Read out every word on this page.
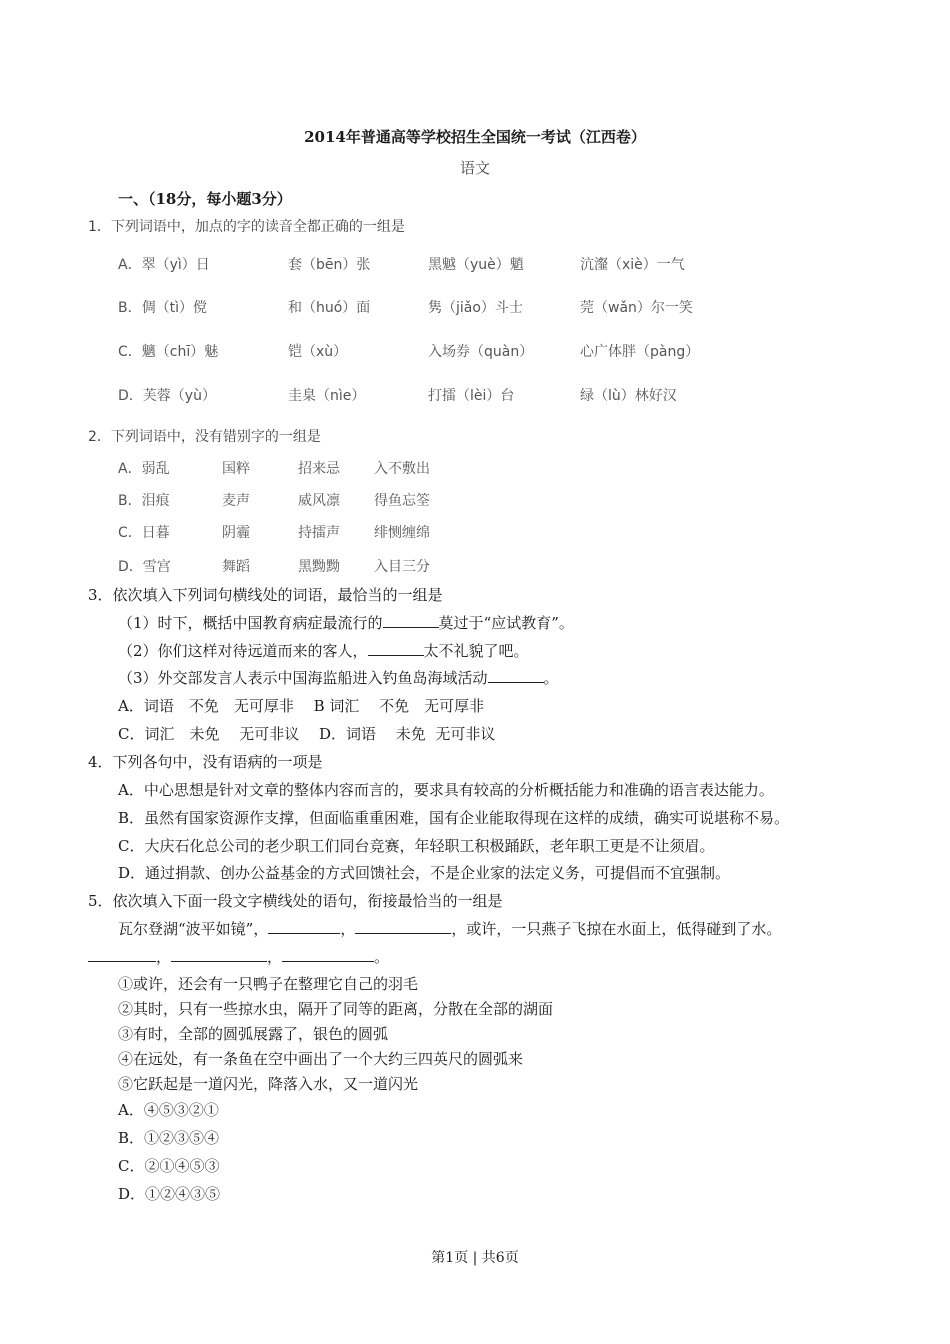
​
2014年普通高等学校招生全国统一考试（江西卷）
语文
一、（18分，每小题3分）
1．下列词语中，加点的字的读音全都正确的一组是
A．翠（yì）日	套（bēn）张	黑魆（yuè）魈	沆瀣（xiè）一气
B．倜（tì）傥	和（huó）面	隽（jiǎo）斗士	莞（wǎn）尔一笑
C．魑（chī）魅	铠（xù）	入场券（quàn）	心广体胖（pàng）
D．芙蓉（yù）	圭臬（nìe）	打擂（lèi）台	绿（lù）林好汉
2．下列词语中，没有错别字的一组是
A．弱乱	国粹	招来忌 入不敷出
B．泪痕	麦声	威风凛 得鱼忘筌
C．日暮	阴霾	持擂声 绯恻缠绵
D．雪宫	舞蹈	黑黝黝 入目三分
3．依次填入下列词句横线处的词语，最恰当的一组是
（1）时下，概括中国教育病症最流行的	莫过于“应试教育”。
（2）你们这样对待远道而来的客人，	太不礼貌了吧。
（3）外交部发言人表示中国海监船进入钓鱼岛海域活动	。
A．词语　不免　无可厚非　 B 词汇　 不免　无可厚非
C．词汇　未免　 无可非议　 D．词语　 未免  无可非议
4．下列各句中，没有语病的一项是
A．中心思想是针对文章的整体内容而言的，要求具有较高的分析概括能力和准确的语言表达能力。
B．虽然有国家资源作支撑，但面临重重困难，国有企业能取得现在这样的成绩，确实可说堪称不易。
C．大庆石化总公司的老少职工们同台竞赛，年轻职工积极踊跃，老年职工更是不让须眉。
D．通过捐款、创办公益基金的方式回馈社会，不是企业家的法定义务，可提倡而不宜强制。
5．依次填入下面一段文字横线处的语句，衔接最恰当的一组是
瓦尔登湖“波平如镜”，	，	，或许，一只燕子飞掠在水面上，低得碰到了水。
，	，	。
①或许，还会有一只鸭子在整理它自己的羽毛
②其时，只有一些掠水虫，隔开了同等的距离，分散在全部的湖面
③有时，全部的圆弧展露了，银色的圆弧
④在远处，有一条鱼在空中画出了一个大约三四英尺的圆弧来
⑤它跃起是一道闪光，降落入水，又一道闪光
A．④⑤③②①
B．①②③⑤④
C．②①④⑤③
D．①②④③⑤
第1页 | 共6页
